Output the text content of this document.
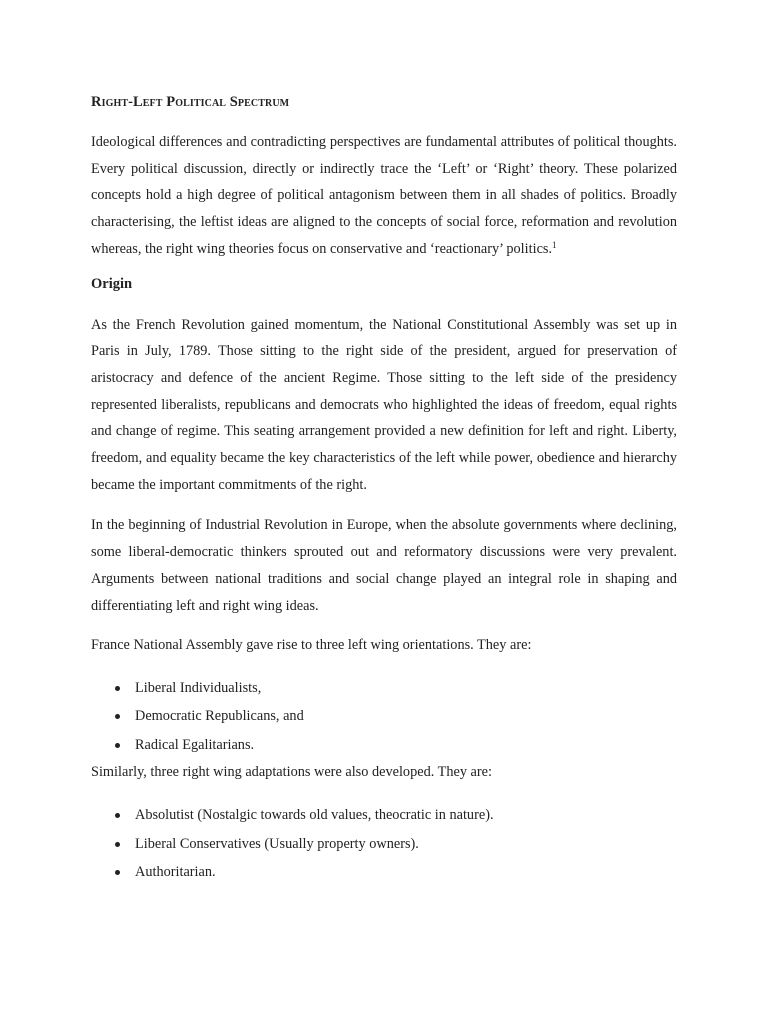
Right-Left Political Spectrum

Ideological differences and contradicting perspectives are fundamental attributes of political thoughts. Every political discussion, directly or indirectly trace the ‘Left’ or ‘Right’ theory. These polarized concepts hold a high degree of political antagonism between them in all shades of politics. Broadly characterising, the leftist ideas are aligned to the concepts of social force, reformation and revolution whereas, the right wing theories focus on conservative and ‘reactionary’ politics.$^1$

Origin

As the French Revolution gained momentum, the National Constitutional Assembly was set up in Paris in July, 1789. Those sitting to the right side of the president, argued for preservation of aristocracy and defence of the ancient Regime. Those sitting to the left side of the presidency represented liberalists, republicans and democrats who highlighted the ideas of freedom, equal rights and change of regime. This seating arrangement provided a new definition for left and right. Liberty, freedom, and equality became the key characteristics of the left while power, obedience and hierarchy became the important commitments of the right.

In the beginning of Industrial Revolution in Europe, when the absolute governments where declining, some liberal-democratic thinkers sprouted out and reformatory discussions were very prevalent. Arguments between national traditions and social change played an integral role in shaping and differentiating left and right wing ideas.

France National Assembly gave rise to three left wing orientations. They are:

Liberal Individualists,
Democratic Republicans, and
Radical Egalitarians.

Similarly, three right wing adaptations were also developed. They are:

Absolutist (Nostalgic towards old values, theocratic in nature).
Liberal Conservatives (Usually property owners).
Authoritarian.
